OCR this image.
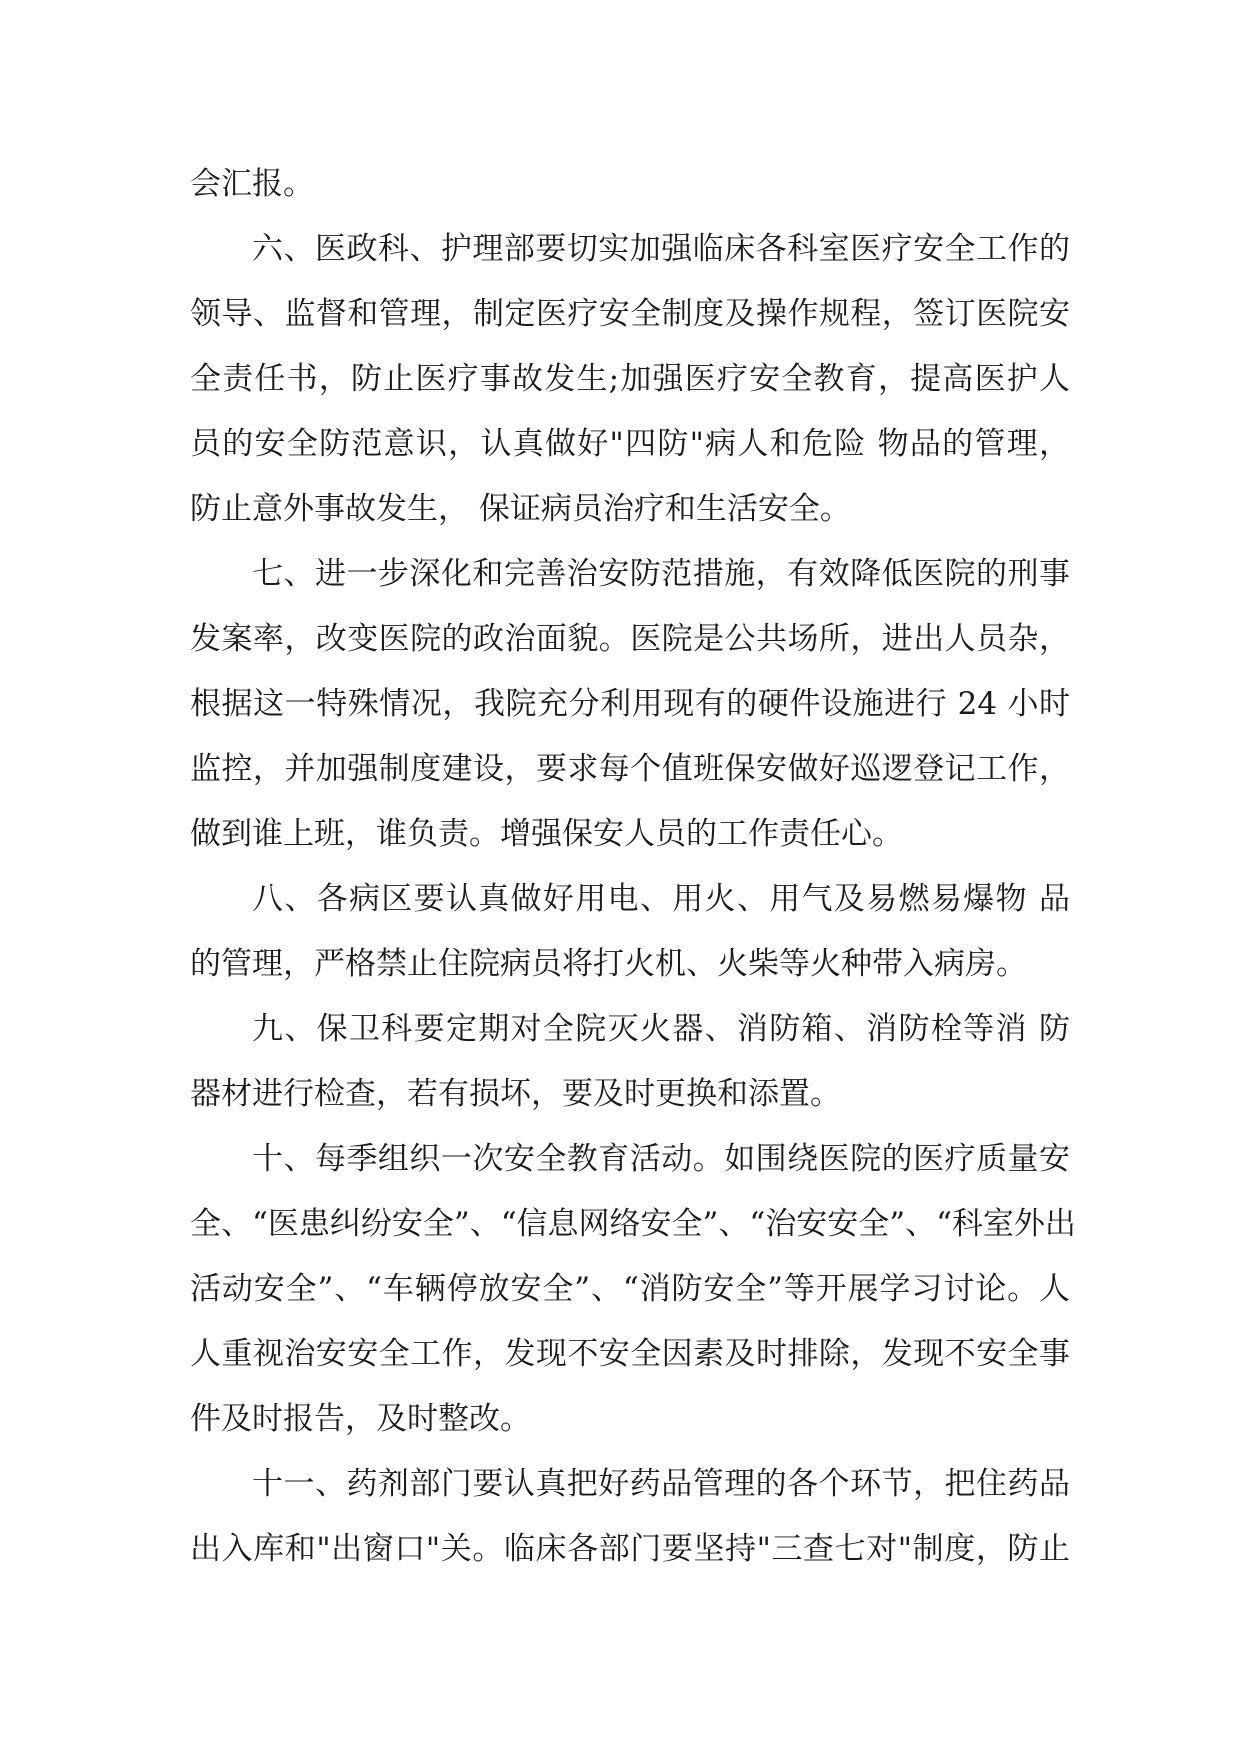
会汇报。
六、医政科、护理部要切实加强临床各科室医疗安全工作的
领导、监督和管理，制定医疗安全制度及操作规程，签订医院安
全责任书，防止医疗事故发生;加强医疗安全教育，提高医护人
员的安全防范意识，认真做好"四防"病人和危险 物品的管理，
防止意外事故发生， 保证病员治疗和生活安全。
七、进一步深化和完善治安防范措施，有效降低医院的刑事
发案率，改变医院的政治面貌。医院是公共场所，进出人员杂，
根据这一特殊情况，我院充分利用现有的硬件设施进行 24 小时
监控，并加强制度建设，要求每个值班保安做好巡逻登记工作，
做到谁上班，谁负责。增强保安人员的工作责任心。
八、各病区要认真做好用电、用火、用气及易燃易爆物 品
的管理，严格禁止住院病员将打火机、火柴等火种带入病房。
九、保卫科要定期对全院灭火器、消防箱、消防栓等消 防
器材进行检查，若有损坏，要及时更换和添置。
十、每季组织一次安全教育活动。如围绕医院的医疗质量安
全、“医患纠纷安全”、“信息网络安全”、“治安安全”、“科室外出
活动安全”、“车辆停放安全”、“消防安全”等开展学习讨论。人
人重视治安安全工作，发现不安全因素及时排除，发现不安全事
件及时报告，及时整改。
十一、药剂部门要认真把好药品管理的各个环节，把住药品
出入库和"出窗口"关。临床各部门要坚持"三查七对"制度，防止
